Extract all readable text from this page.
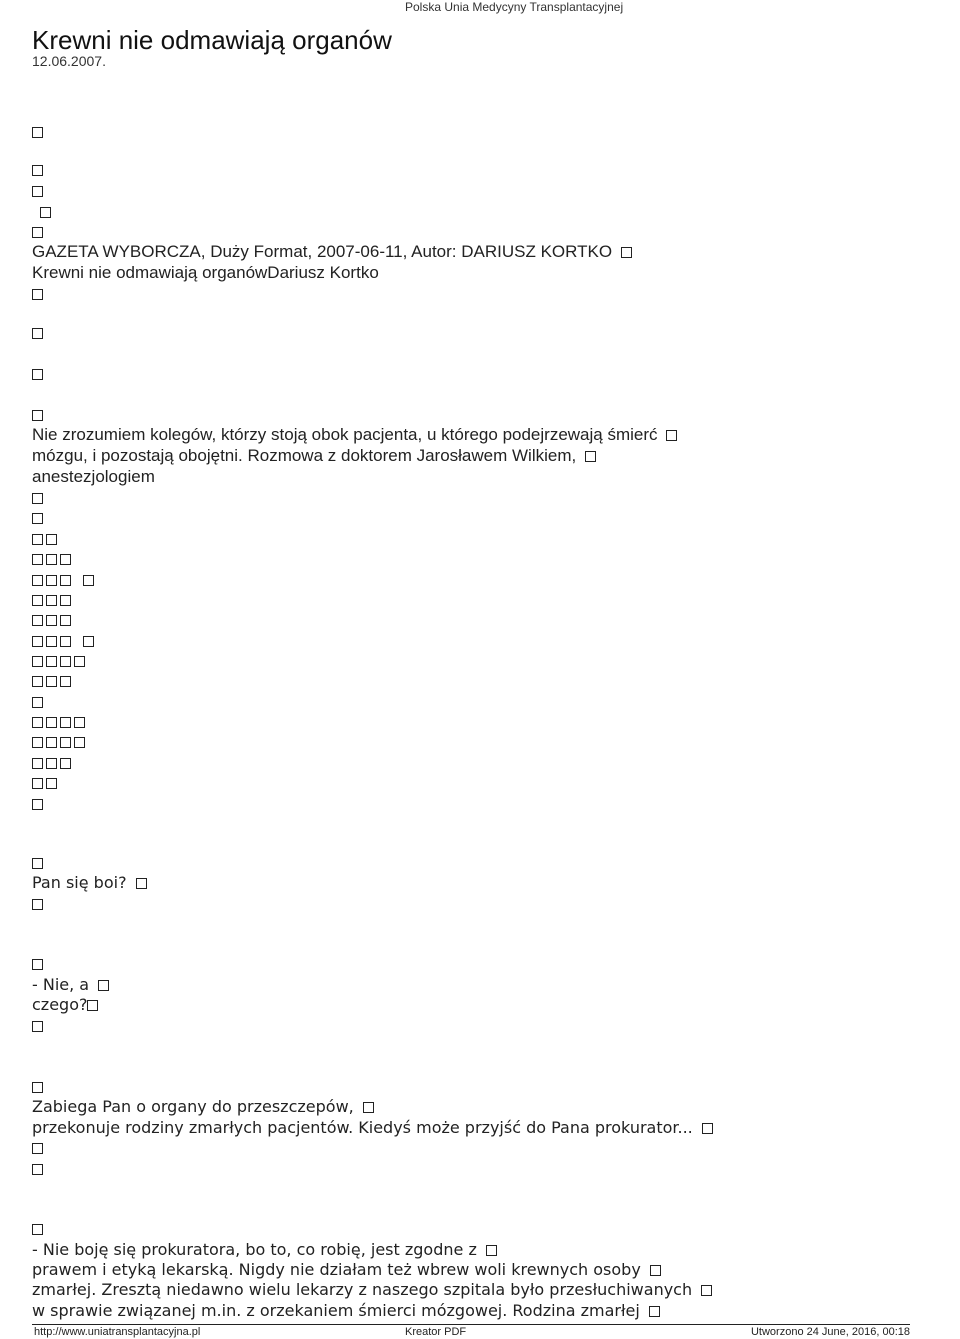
Polska Unia Medycyny Transplantacyjnej
Krewni nie odmawiają organów
12.06.2007.
GAZETA WYBORCZA, Duży Format, 2007-06-11, Autor: DARIUSZ KORTKO
Krewni nie odmawiają organówDariusz Kortko
Nie zrozumiem kolegów, którzy stoją obok pacjenta, u którego podejrzewają śmierć
mózgu, i pozostają obojętni. Rozmowa z doktorem Jarosławem Wilkiem,
anestezjologiem

Pan się boi?
- Nie, a
czego?
Zabiega Pan o organy do przeszczepów,
przekonuje rodziny zmarłych pacjentów. Kiedyś może przyjść do Pana prokurator...
- Nie boję się prokuratora, bo to, co robię, jest zgodne z
prawem i etyką lekarską. Nigdy nie działam też wbrew woli krewnych osoby
zmarłej. Zresztą niedawno wielu lekarzy z naszego szpitala było przesłuchiwanych
w sprawie związanej m.in. z orzekaniem śmierci mózgowej. Rodzina zmarłej
http://www.uniatransplantacyjna.pl	Kreator PDF	Utworzono 24 June, 2016, 00:18
